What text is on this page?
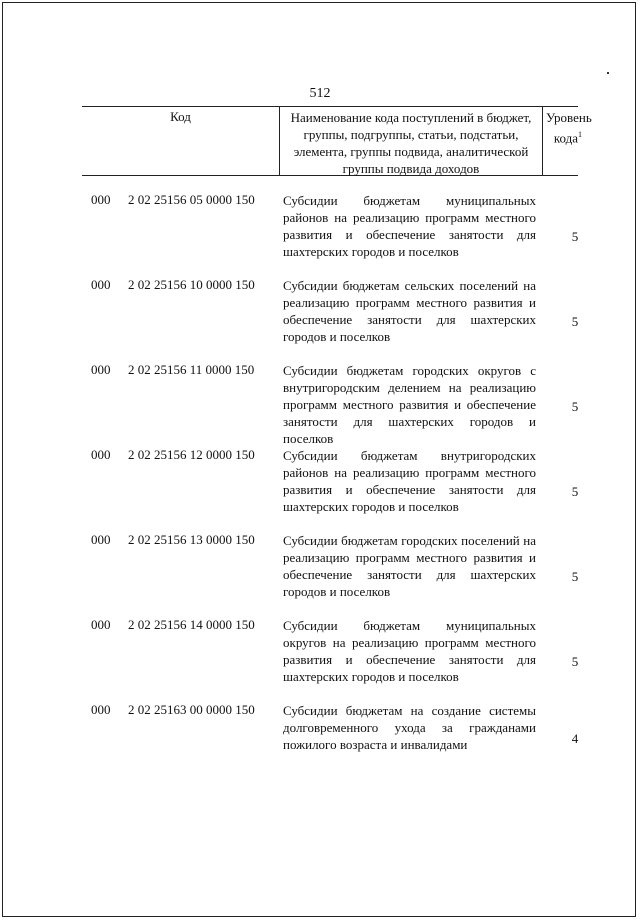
512
Код	Наименование кода поступлений в бюджет, группы, подгруппы, статьи, подстатьи, элемента, группы подвида, аналитической группы подвида доходов
Уровень кода$^1$
000 2 02 25156 05 0000 150 Субсидии бюджетам муниципальных районов на реализацию программ местного развития и обеспечение занятости для шахтерских городов и поселков
5
000 2 02 25156 10 0000 150 Субсидии бюджетам сельских поселений на реализацию программ местного развития и обеспечение занятости для шахтерских городов и поселков
5
000 2 02 25156 11 0000 150 Субсидии бюджетам городских округов с внутригородским делением на реализацию программ местного развития и обеспечение занятости для шахтерских городов и поселков
5
000 2 02 25156 12 0000 150 Субсидии бюджетам внутригородских районов на реализацию программ местного развития и обеспечение занятости для шахтерских городов и поселков
5
000 2 02 25156 13 0000 150 Субсидии бюджетам городских поселений на реализацию программ местного развития и обеспечение занятости для шахтерских городов и поселков
5
000 2 02 25156 14 0000 150 Субсидии бюджетам муниципальных округов на реализацию программ местного развития и обеспечение занятости для шахтерских городов и поселков
5
000 2 02 25163 00 0000 150 Субсидии бюджетам на создание системы долговременного ухода за гражданами пожилого возраста и инвалидами	4
